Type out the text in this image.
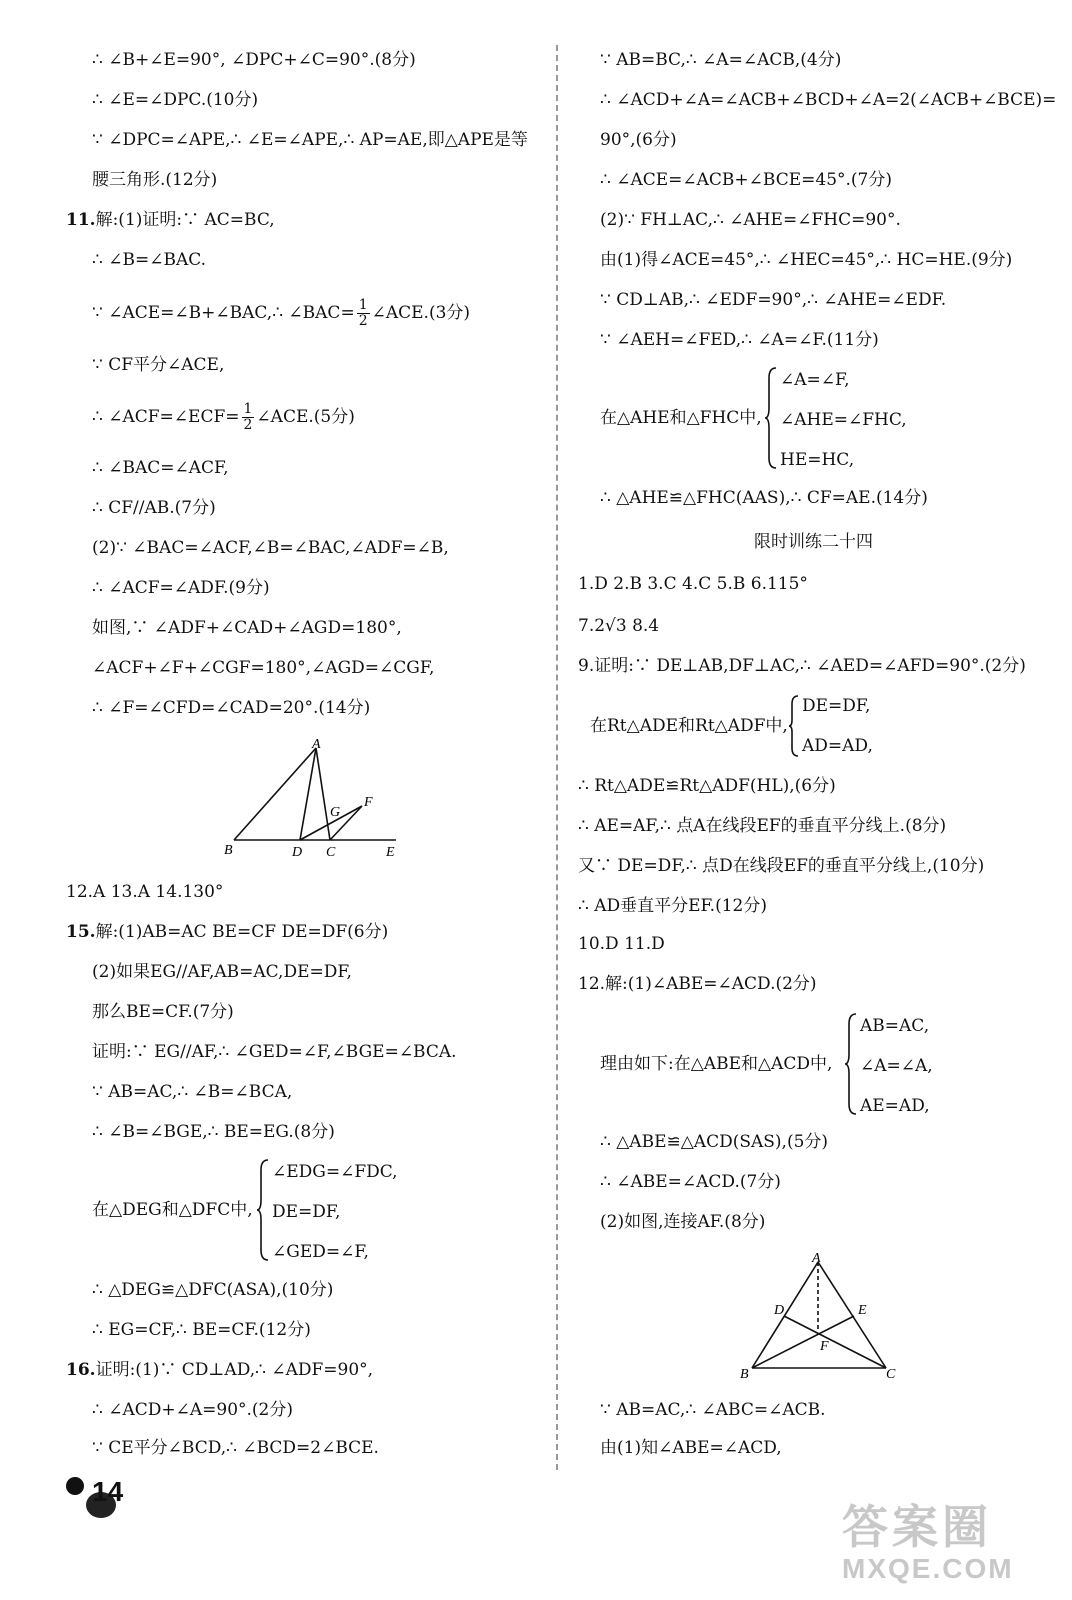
∴ ∠B+∠E=90°, ∠DPC+∠C=90°.(8分)
∴ ∠E=∠DPC.(10分)
∵ ∠DPC=∠APE,∴ ∠E=∠APE,∴ AP=AE,即△APE是等
腰三角形.(12分)
11.解:(1)证明:∵ AC=BC,
∴ ∠B=∠BAC.
∵ ∠ACE=∠B+∠BAC,∴ ∠BAC= $\frac{1}{2}$ ∠ACE.(3分)
∵ CF平分∠ACE,
∴ ∠ACF=∠ECF= $\frac{1}{2}$ ∠ACE.(5分)
∴ ∠BAC=∠ACF,
∴ CF//AB.(7分)
(2)∵ ∠BAC=∠ACF,∠B=∠BAC,∠ADF=∠B,
∴ ∠ACF=∠ADF.(9分)
如图,∵ ∠ADF+∠CAD+∠AGD=180°,
∠ACF+∠F+∠CGF=180°,∠AGD=∠CGF,
∴ ∠F=∠CFD=∠CAD=20°.(14分)
A
B	D C	E
F
G
12.A 13.A 14.130°
15.解:(1)AB=AC BE=CF DE=DF(6分)
(2)如果EG//AF,AB=AC,DE=DF,
那么BE=CF.(7分)
证明:∵ EG//AF,∴ ∠GED=∠F,∠BGE=∠BCA.
∵ AB=AC,∴ ∠B=∠BCA,
∴ ∠B=∠BGE,∴ BE=EG.(8分)
在△DEG和△DFC中,
∠EDG=∠FDC,
DE=DF,
∠GED=∠F,
∴ △DEG≌△DFC(ASA),(10分)
∴ EG=CF,∴ BE=CF.(12分)
16.证明:(1)∵ CD⊥AD,∴ ∠ADF=90°,
∴ ∠ACD+∠A=90°.(2分)
∵ CE平分∠BCD,∴ ∠BCD=2∠BCE.
∵ AB=BC,∴ ∠A=∠ACB,(4分)
∴ ∠ACD+∠A=∠ACB+∠BCD+∠A=2(∠ACB+∠BCE)=
90°,(6分)
∴ ∠ACE=∠ACB+∠BCE=45°.(7分)
(2)∵ FH⊥AC,∴ ∠AHE=∠FHC=90°.
由(1)得∠ACE=45°,∴ ∠HEC=45°,∴ HC=HE.(9分)
∵ CD⊥AB,∴ ∠EDF=90°,∴ ∠AHE=∠EDF.
∵ ∠AEH=∠FED,∴ ∠A=∠F.(11分)
在△AHE和△FHC中,
∠A=∠F,
∠AHE=∠FHC,
HE=HC,
∴ △AHE≌△FHC(AAS),∴ CF=AE.(14分)
限时训练二十四
1.D 2.B 3.C 4.C 5.B 6.115°
7.2√3 8.4
9.证明:∵ DE⊥AB,DF⊥AC,∴ ∠AED=∠AFD=90°.(2分)
在Rt△ADE和Rt△ADF中,
DE=DF,
AD=AD,
∴ Rt△ADE≌Rt△ADF(HL),(6分)
∴ AE=AF,∴ 点A在线段EF的垂直平分线上.(8分)
又∵ DE=DF,∴ 点D在线段EF的垂直平分线上,(10分)
∴ AD垂直平分EF.(12分)
10.D 11.D
12.解:(1)∠ABE=∠ACD.(2分)
理由如下:在△ABE和△ACD中,
AB=AC,
∠A=∠A,
AE=AD,
∴ △ABE≌△ACD(SAS),(5分)
∴ ∠ABE=∠ACD.(7分)
(2)如图,连接AF.(8分)
A
B	C
D	E
F
∵ AB=AC,∴ ∠ABC=∠ACB.
由(1)知∠ABE=∠ACD,
14
答案圈
MXQE.COM
